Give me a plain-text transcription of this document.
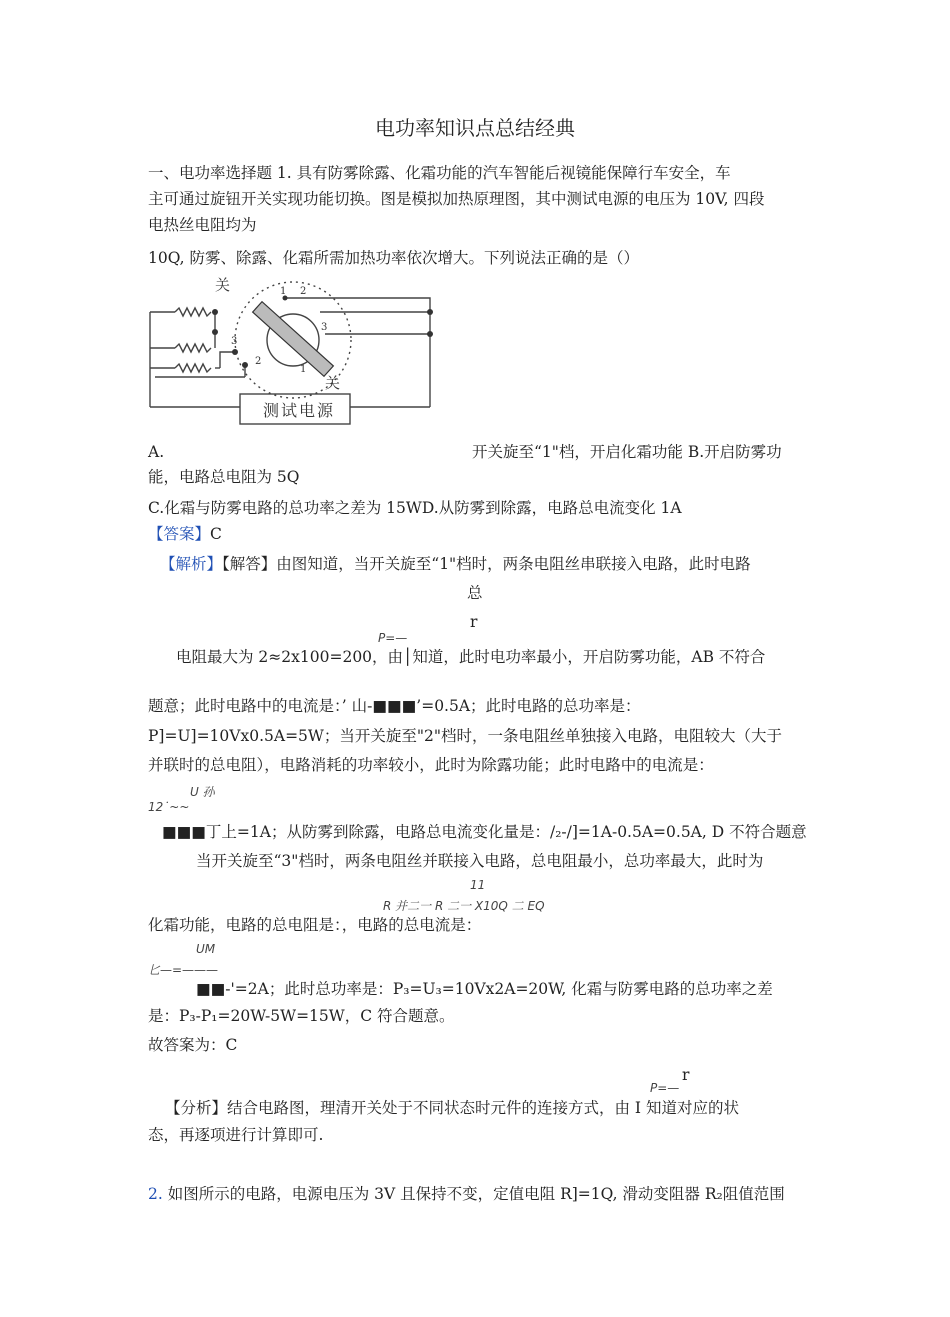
电功率知识点总结经典
一、电功率选择题 1. 具有防雾除露、化霜功能的汽车智能后视镜能保障行车安全，车
主可通过旋钮开关实现功能切换。图是模拟加热原理图，其中测试电源的电压为 10V, 四段
电热丝电阻均为
10Q, 防雾、除露、化霜所需加热功率依次增大。下列说法正确的是（）
关
关
1 2
3
3
2
1
测试电源
A.	开关旋至“1"档，开启化霜功能 B.开启防雾功
能，电路总电阻为 5Q
C.化霜与防雾电路的总功率之差为 15WD.从防雾到除露，电路总电流变化 1A
【答案】C
【解析】【解答】由图知道，当开关旋至“1"档时，两条电阻丝串联接入电路，此时电路
总
r
P=—
电阻最大为 2≈2x100=200，由│知道，此时电功率最小，开启防雾功能，AB 不符合
题意；此时电路中的电流是：’ 山-■■■’=0.5A；此时电路的总功率是：
P]=U]=10Vx0.5A=5W；当开关旋至"2"档时，一条电阻丝单独接入电路，电阻较大（大于
并联时的总电阻），电路消耗的功率较小，此时为除露功能；此时电路中的电流是：
U 孙
12˙~~
■■■丁上=1A；从防雾到除露，电路总电流变化量是：/₂-/]=1A-0.5A=0.5A, D 不符合题意
当开关旋至“3"档时，两条电阻丝并联接入电路，总电阻最小，总功率最大，此时为
11
R 并二一 R 二一 X10Q 二 EQ
化霜功能，电路的总电阻是：，电路的总电流是：
UM
匕—=———
■■-'=2A；此时总功率是：P₃=U₃=10Vx2A=20W, 化霜与防雾电路的总功率之差
是：P₃-P₁=20W-5W=15W，C 符合题意。
故答案为：C
r
P=—
【分析】结合电路图，理清开关处于不同状态时元件的连接方式，由 I 知道对应的状
态，再逐项进行计算即可.
2. 如图所示的电路，电源电压为 3V 且保持不变，定值电阻 R]=1Q, 滑动变阻器 R₂阻值范围
